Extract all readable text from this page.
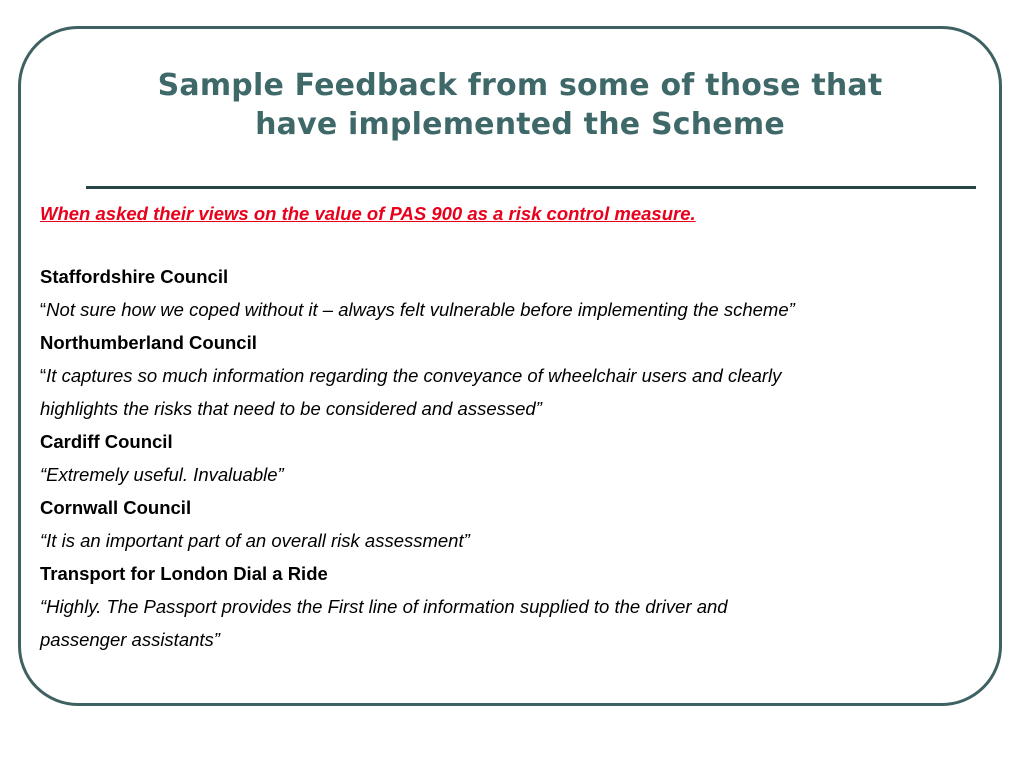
Sample Feedback from some of those that
have implemented the Scheme
When asked their views on the value of PAS 900 as a risk control measure.
Staffordshire Council
“Not sure how we coped without it – always felt vulnerable before implementing the scheme”
Northumberland Council
“It captures so much information regarding the conveyance of wheelchair users and clearly
highlights the risks that need to be considered and assessed”
Cardiff Council
“Extremely useful. Invaluable”
Cornwall Council
“It is an important part of an overall risk assessment”
Transport for London Dial a Ride
“Highly. The Passport provides the First line of information supplied to the driver and
passenger assistants”
